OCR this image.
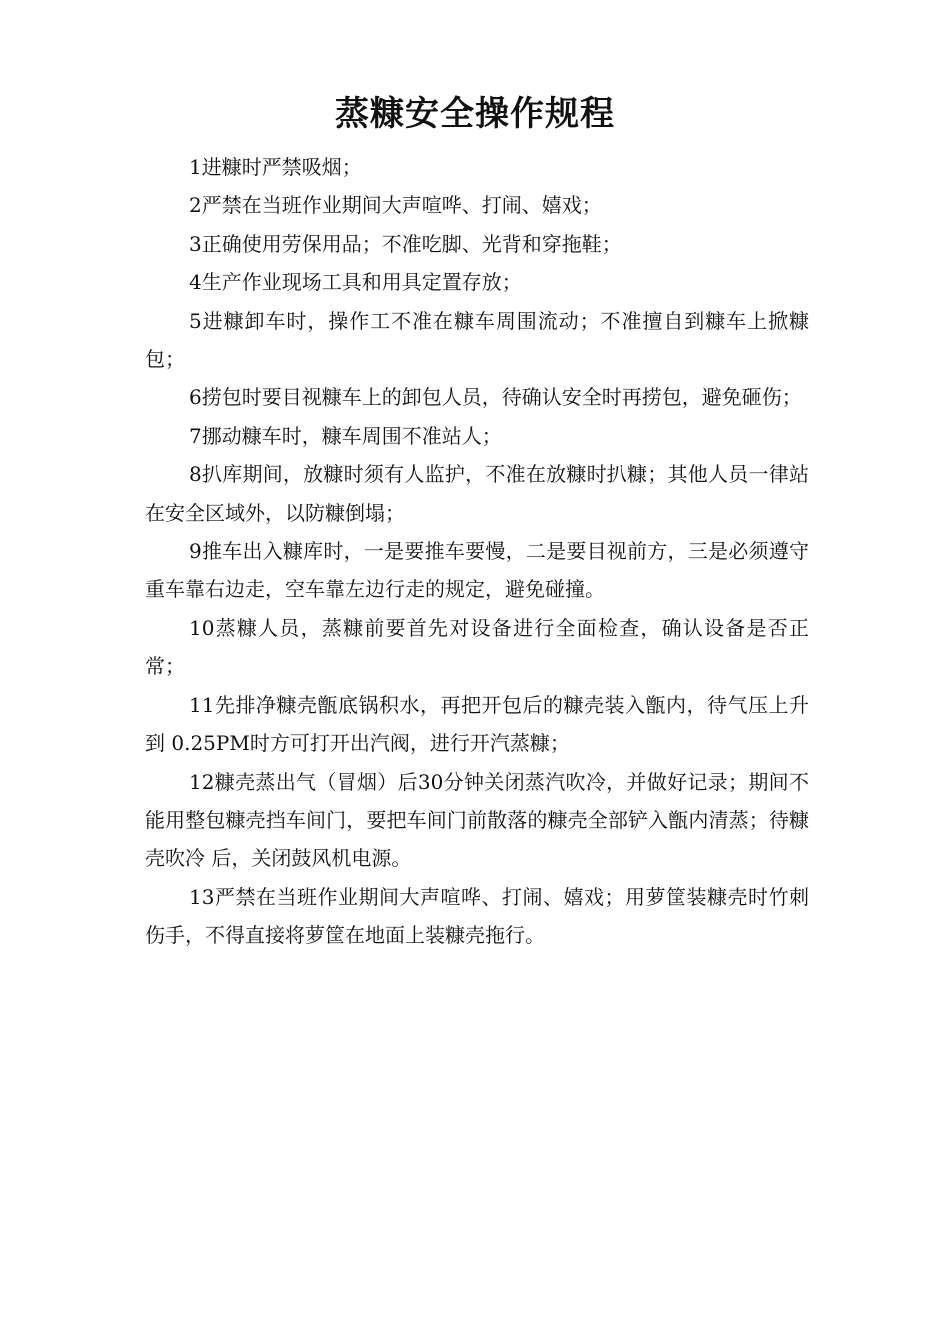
蒸糠安全操作规程
1进糠时严禁吸烟；
2严禁在当班作业期间大声喧哗、打闹、嬉戏；
3正确使用劳保用品；不准吃脚、光背和穿拖鞋；
4生产作业现场工具和用具定置存放；
5进糠卸车时，操作工不准在糠车周围流动；不准擅自到糠车上掀糠包；
6捞包时要目视糠车上的卸包人员，待确认安全时再捞包，避免砸伤；
7挪动糠车时，糠车周围不准站人；
8扒库期间，放糠时须有人监护，不准在放糠时扒糠；其他人员一律站在安全区域外，以防糠倒塌；
9推车出入糠库时，一是要推车要慢，二是要目视前方，三是必须遵守重车靠右边走，空车靠左边行走的规定，避免碰撞。
10蒸糠人员，蒸糠前要首先对设备进行全面检查，确认设备是否正常；
11先排净糠壳甑底锅积水，再把开包后的糠壳装入甑内，待气压上升到 0.25PM时方可打开出汽阀，进行开汽蒸糠；
12糠壳蒸出气（冒烟）后30分钟关闭蒸汽吹冷，并做好记录；期间不能用整包糠壳挡车间门，要把车间门前散落的糠壳全部铲入甑内清蒸；待糠壳吹冷 后，关闭鼓风机电源。
13严禁在当班作业期间大声喧哗、打闹、嬉戏；用萝筐装糠壳时竹刺伤手，不得直接将萝筐在地面上装糠壳拖行。
